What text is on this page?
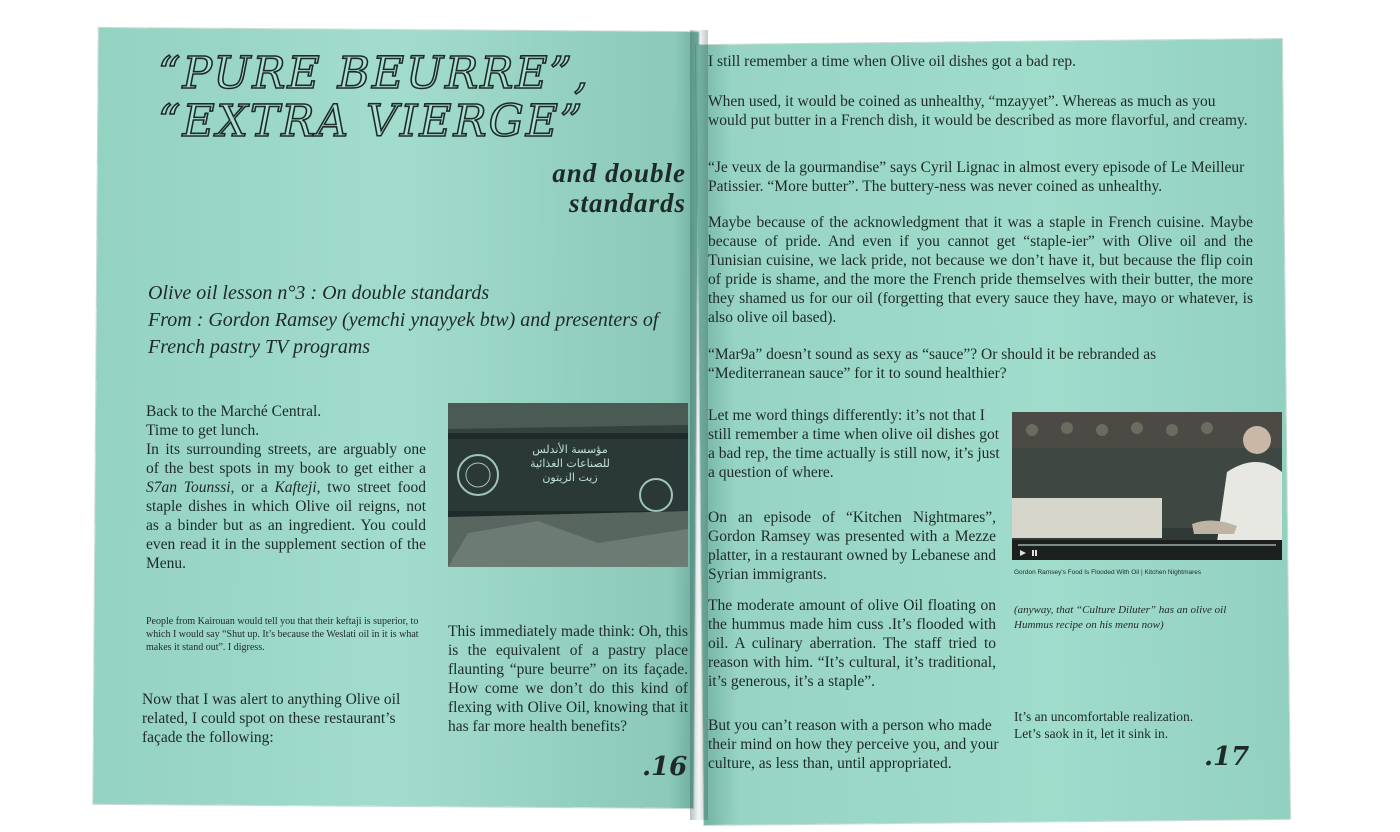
“PURE BEURRE”,
“EXTRA VIERGE”
and double
standards
Olive oil lesson n°3 : On double standards
From : Gordon Ramsey (yemchi ynayyek btw) and presenters of
French pastry TV programs
Back to the Marché Central.
Time to get lunch.
In its surrounding streets, are arguably one of the best spots in my book to get either a S7an Tounssi, or a Kafteji, two street food staple dishes in which Olive oil reigns, not as a binder but as an ingredient. You could even read it in the supplement section of the Menu.
مؤسسة الأندلس
للصناعات الغذائية
زيت الزيتون
People from Kairouan would tell you that their keftaji is superior, to which I would say “Shut up. It’s because the Weslati oil in it is what makes it stand out”. I digress.
Now that I was alert to anything Olive oil related, I could spot on these restaurant’s façade the following:
This immediately made think: Oh, this is the equivalent of a pastry place flaunting “pure beurre” on its façade. How come we don’t do this kind of flexing with Olive Oil, knowing that it has far more health benefits?
.16
I still remember a time when Olive oil dishes got a bad rep.
When used, it would be coined as unhealthy, “mzayyet”. Whereas as much as you would put butter in a French dish, it would be described as more flavorful, and creamy.
“Je veux de la gourmandise” says Cyril Lignac in almost every episode of Le Meilleur Patissier. “More butter”. The buttery-ness was never coined as unhealthy.
Maybe because of the acknowledgment that it was a staple in French cuisine. Maybe because of pride. And even if you cannot get “staple-ier” with Olive oil and the Tunisian cuisine, we lack pride, not because we don’t have it, but because the flip coin of pride is shame, and the more the French pride themselves with their butter, the more they shamed us for our oil (forgetting that every sauce they have, mayo or whatever, is also olive oil based).
“Mar9a” doesn’t sound as sexy as “sauce”? Or should it be rebranded as “Mediterranean sauce” for it to sound healthier?
Let me word things differently: it’s not that I still remember a time when olive oil dishes got a bad rep, the time actually is still now, it’s just a question of where.
On an episode of “Kitchen Nightmares”, Gordon Ramsey was presented with a Mezze platter, in a restaurant owned by Lebanese and Syrian immigrants.
The moderate amount of olive Oil floating on the hummus made him cuss .It’s flooded with oil. A culinary aberration. The staff tried to reason with him. “It’s cultural, it’s traditional, it’s generous, it’s a staple”.
But you can’t reason with a person who made their mind on how they perceive you, and your culture, as less than, until appropriated.
Gordon Ramsey's Food Is Flooded With Oil | Kitchen Nightmares
(anyway, that “Culture Diluter” has an olive oil Hummus recipe on his menu now)
It’s an uncomfortable realization.
Let’s saok in it, let it sink in.
.17
